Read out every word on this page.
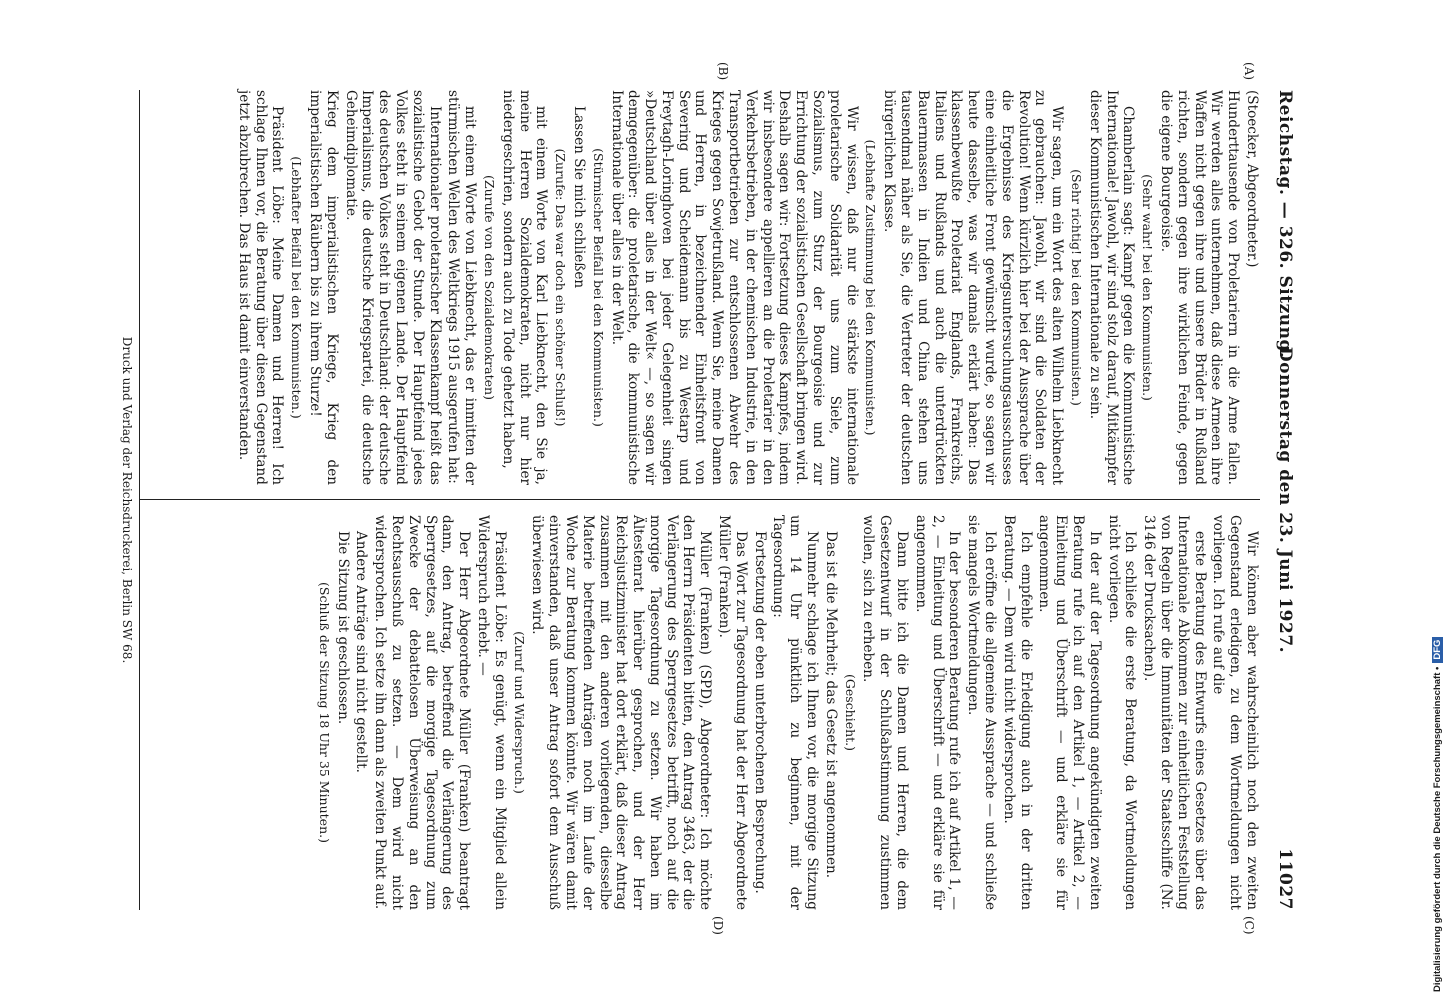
Reichstag. — 326. Sitzung.
Donnerstag den 23. Juni 1927.
11027

(Stoecker, Abgeordneter.)

Hunderttausende von Proletariern in die Arme fallen. Wir werden alles unternehmen, daß diese Armeen ihre Waffen nicht gegen ihre und unsere Brüder in Rußland richten, sondern gegen ihre wirklichen Feinde, gegen die eigene Bourgeoisie.

(Sehr wahr! bei den Kommunisten.)

Chamberlain sagt: Kampf gegen die Kommunistische Internationale! Jawohl, wir sind stolz darauf, Mitkämpfer dieser Kommunistischen Internationale zu sein.

(Sehr richtig! bei den Kommunisten.)

Wir sagen, um ein Wort des alten Wilhelm Liebknecht zu gebrauchen: Jawohl, wir sind die Soldaten der Revolution! Wenn kürzlich hier bei der Aussprache über die Ergebnisse des Kriegsuntersuchungsausschusses eine einheitliche Front gewünscht wurde, so sagen wir heute dasselbe, was wir damals erklärt haben: Das klassenbewußte Proletariat Englands, Frankreichs, Italiens und Rußlands und auch die unterdrückten Bauernmassen in Indien und China stehen uns tausendmal näher als Sie, die Vertreter der deutschen bürgerlichen Klasse.

(Lebhafte Zustimmung bei den Kommunisten.)

Wir wissen, daß nur die stärkste internationale proletarische Solidarität uns zum Siele, zum Sozialismus, zum Sturz der Bourgeoisie und zur Errichtung der sozialistischen Gesellschaft bringen wird. Deshalb sagen wir: Fortsetzung dieses Kampfes, indem wir insbesondere appellieren an die Proletarier in den Verkehrsbetrieben, in der chemischen Industrie, in den Transportbetrieben zur entschlossenen Abwehr des Krieges gegen Sowjetrußland. Wenn Sie, meine Damen und Herren, in bezeichnender Einheitsfront von Severing und Scheidemann bis zu Westarp und Freytagh-Loringhoven bei jeder Gelegenheit singen »Deutschland über alles in der Welt« —, so sagen wir demgegenüber: die proletarische, die kommunistische Internationale über alles in der Welt.

(Stürmischer Beifall bei den Kommunisten.)

Lassen Sie mich schließen

(Zurufe: Das war doch ein schöner Schluß!)

mit einem Worte von Karl Liebknecht, den Sie ja, meine Herren Sozialdemokraten, nicht nur hier niedergeschrien, sondern auch zu Tode gehetzt haben,

(Zurufe von den Sozialdemokraten)

mit einem Worte von Liebknecht, das er inmitten der stürmischen Wellen des Weltkriegs 1915 ausgerufen hat:

Internationaler proletarischer Klassenkampf heißt das sozialistische Gebot der Stunde. Der Hauptfeind jedes Volkes steht in seinem eigenen Lande. Der Hauptfeind des deutschen Volkes steht in Deutschland: der deutsche Imperialismus, die deutsche Kriegspartei, die deutsche Geheimdiplomatie.

Krieg dem imperialistischen Kriege, Krieg den imperialistischen Räubern bis zu ihrem Sturze!

(Lebhafter Beifall bei den Kommunisten.)

Präsident Löbe: Meine Damen und Herren! Ich schlage Ihnen vor, die Beratung über diesen Gegenstand jetzt abzubrechen. Das Haus ist damit einverstanden.

Wir können aber wahrscheinlich noch den zweiten Gegenstand erledigen, zu dem Wortmeldungen nicht vorliegen. Ich rufe auf die

erste Beratung des Entwurfs eines Gesetzes über das Internationale Abkommen zur einheitlichen Feststellung von Regeln über die Immunitäten der Staatsschiffe (Nr. 3146 der Drucksachen).

Ich schließe die erste Beratung, da Wortmeldungen nicht vorliegen.

In der auf der Tagesordnung angekündigten zweiten Beratung rufe ich auf den Artikel 1, — Artikel 2, — Einleitung und Überschrift — und erkläre sie für angenommen.

Ich empfehle die Erledigung auch in der dritten Beratung. — Dem wird nicht widersprochen.

Ich eröffne die allgemeine Aussprache — und schließe sie mangels Wortmeldungen.

In der besonderen Beratung rufe ich auf Artikel 1, — 2, — Einleitung und Überschrift — und erkläre sie für angenommen.

Dann bitte ich die Damen und Herren, die dem Gesetzentwurf in der Schlußabstimmung zustimmen wollen, sich zu erheben.

(Geschieht.)

Das ist die Mehrheit; das Gesetz ist angenommen.

Nunmehr schlage ich Ihnen vor, die morgige Sitzung um 14 Uhr pünktlich zu beginnen, mit der Tagesordnung:

Fortsetzung der eben unterbrochenen Besprechung.

Das Wort zur Tagesordnung hat der Herr Abgeordnete Müller (Franken).

Müller (Franken) (SPD), Abgeordneter: Ich möchte den Herrn Präsidenten bitten, den Antrag 3463, der die Verlängerung des Sperrgesetzes betrifft, noch auf die morgige Tagesordnung zu setzen. Wir haben im Ältestenrat hierüber gesprochen, und der Herr Reichsjustizminister hat dort erklärt, daß dieser Antrag zusammen mit den anderen vorliegenden, diesselbe Materie betreffenden Anträgen noch im Laufe der Woche zur Beratung kommen könnte. Wir wären damit einverstanden, daß unser Antrag sofort dem Ausschuß überwiesen wird.

(Zuruf und Widerspruch.)

Präsident Löbe: Es genügt, wenn ein Mitglied allein Widerspruch erhebt. —

Der Herr Abgeordnete Müller (Franken) beantragt dann, den Antrag, betreffend die Verlängerung des Sperrgesetzes, auf die morgige Tagesordnung zum Zwecke der debattelosen Überweisung an den Rechtsausschuß zu setzen. — Dem wird nicht widersprochen. Ich setze ihn dann als zweiten Punkt auf.

Andere Anträge sind nicht gestellt.

Die Sitzung ist geschlossen.

(Schluß der Sitzung 18 Uhr 35 Minuten.)

(A)
(B)
(C)
(D)
Druck und Verlag der Reichsdruckerei, Berlin SW 68.
Digitalisierung gefördert durch die Deutsche Forschungsgemeinschaft •DFG
